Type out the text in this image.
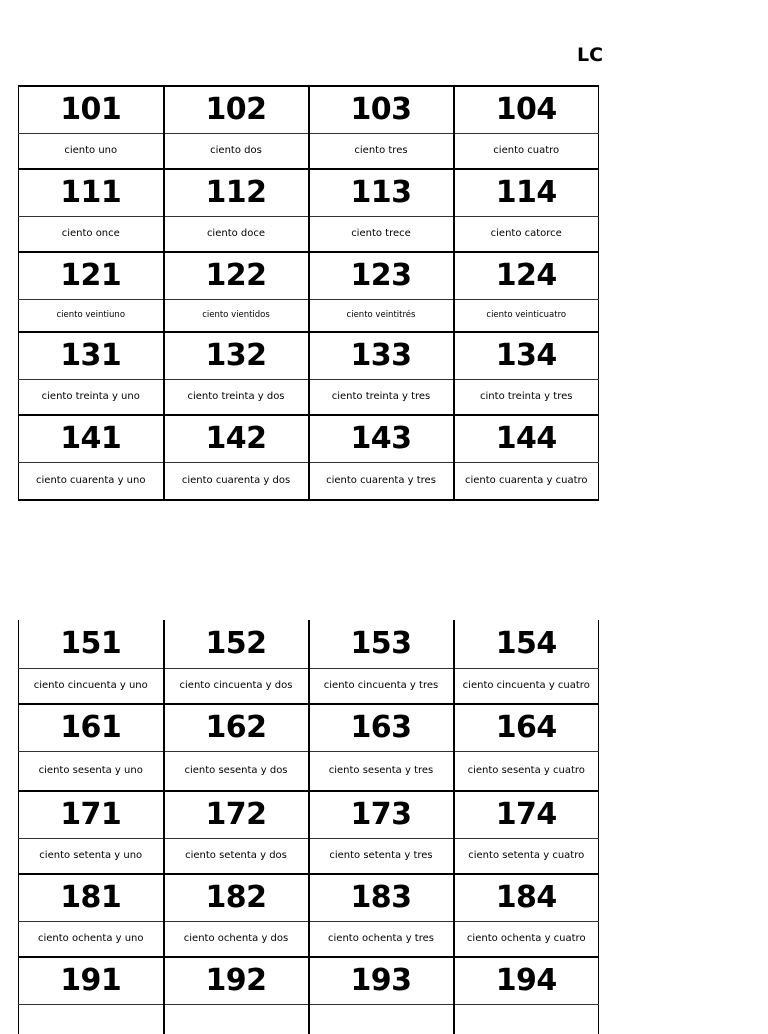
LC
101	102	103	104
ciento uno	ciento dos	ciento tres	ciento cuatro
111	112	113	114
ciento once	ciento doce	ciento trece	ciento catorce
121	122	123	124
ciento veintiuno	ciento vientidos	ciento veintitrés	ciento veinticuatro
131	132	133	134
ciento treinta y uno	ciento treinta y dos	ciento treinta y tres	cinto treinta y tres
141	142	143	144
ciento cuarenta y uno	ciento cuarenta y dos	ciento cuarenta y tres	ciento cuarenta y cuatro
151	152	153	154
ciento cincuenta y uno	ciento cincuenta y dos	ciento cincuenta y tres	ciento cincuenta y cuatro
161	162	163	164
ciento sesenta y uno	ciento sesenta y dos	ciento sesenta y tres	ciento sesenta y cuatro
171	172	173	174
ciento setenta y uno	ciento setenta y dos	ciento setenta y tres	ciento setenta y cuatro
181	182	183	184
ciento ochenta y uno	ciento ochenta y dos	ciento ochenta y tres	ciento ochenta y cuatro
191	192	193	194
